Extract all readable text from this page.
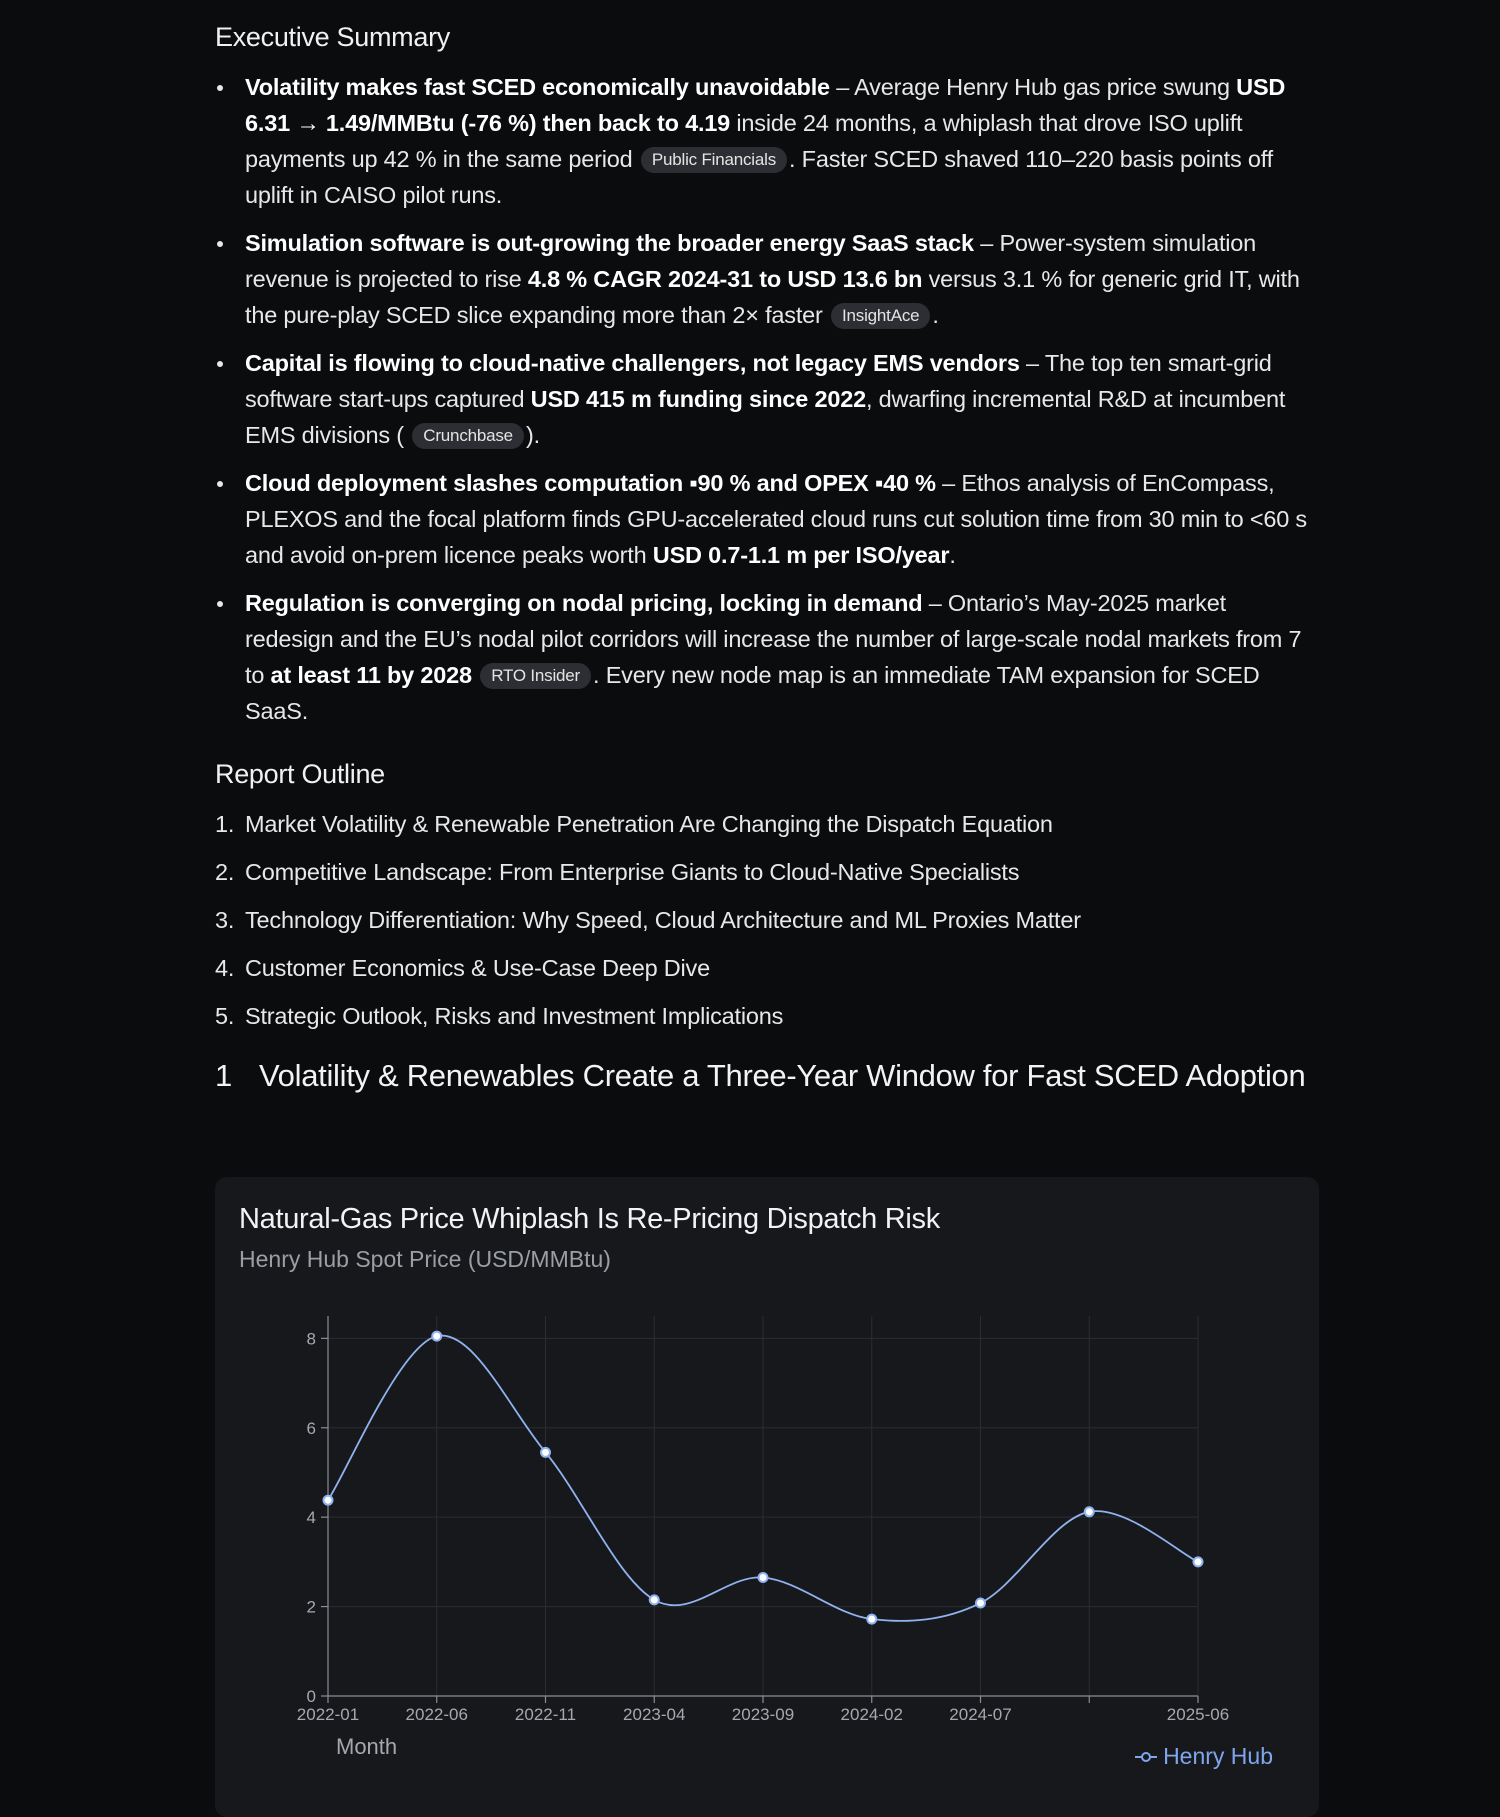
Executive Summary
Volatility makes fast SCED economically unavoidable – Average Henry Hub gas price swung USD 6.31 → 1.49/MMBtu (-76 %) then back to 4.19 inside 24 months, a whiplash that drove ISO uplift payments up 42 % in the same period Public Financials . Faster SCED shaved 110–220 basis points off uplift in CAISO pilot runs.
Simulation software is out-growing the broader energy SaaS stack – Power-system simulation revenue is projected to rise 4.8 % CAGR 2024-31 to USD 13.6 bn versus 3.1 % for generic grid IT, with the pure-play SCED slice expanding more than 2× faster InsightAce .
Capital is flowing to cloud-native challengers, not legacy EMS vendors – The top ten smart-grid software start-ups captured USD 415 m funding since 2022, dwarfing incremental R&D at incumbent EMS divisions ( Crunchbase ).
Cloud deployment slashes computation ▪90 % and OPEX ▪40 % – Ethos analysis of EnCompass, PLEXOS and the focal platform finds GPU-accelerated cloud runs cut solution time from 30 min to <60 s and avoid on-prem licence peaks worth USD 0.7-1.1 m per ISO/year.
Regulation is converging on nodal pricing, locking in demand – Ontario’s May-2025 market redesign and the EU’s nodal pilot corridors will increase the number of large-scale nodal markets from 7 to at least 11 by 2028 RTO Insider . Every new node map is an immediate TAM expansion for SCED SaaS.
Report Outline
1. Market Volatility & Renewable Penetration Are Changing the Dispatch Equation
2. Competitive Landscape: From Enterprise Giants to Cloud-Native Specialists
3. Technology Differentiation: Why Speed, Cloud Architecture and ML Proxies Matter
4. Customer Economics & Use-Case Deep Dive
5. Strategic Outlook, Risks and Investment Implications
1 Volatility & Renewables Create a Three-Year Window for Fast SCED Adoption
Natural-Gas Price Whiplash Is Re-Pricing Dispatch Risk
Henry Hub Spot Price (USD/MMBtu)
0
2
4
6
8
2022-01	2022-06	2022-11	2023-04	2023-09	2024-02	2024-07	2025-06
Month	Henry Hub
